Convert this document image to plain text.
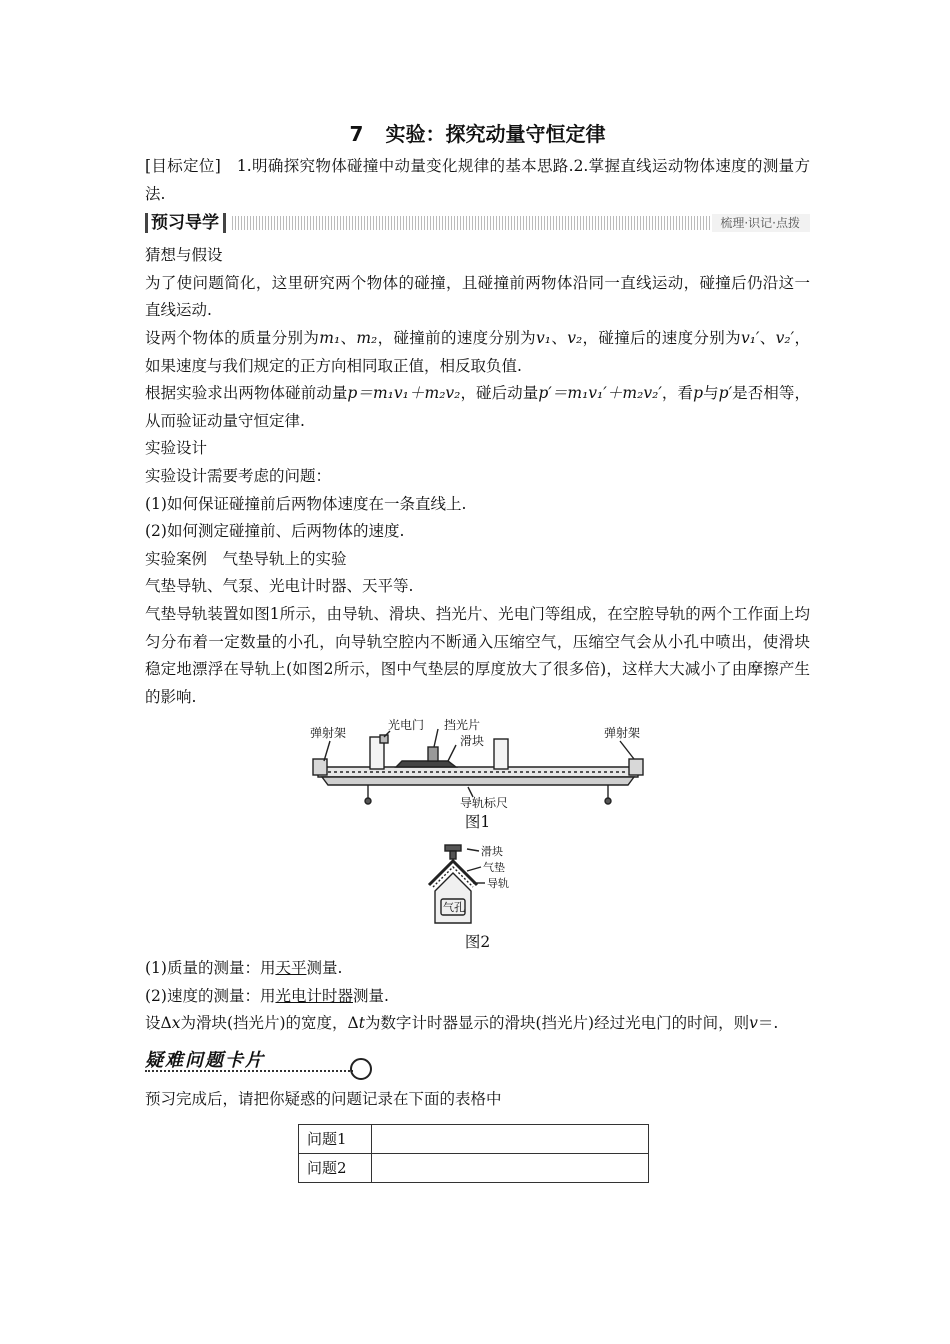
7 实验：探究动量守恒定律

[目标定位]　 1.明确探究物体碰撞中动量变化规律的基本思路.2.掌握直线运动物体速度的测量方法.

预习导学	梳理·识记·点拨

猜想与假设

为了使问题简化，这里研究两个物体的碰撞，且碰撞前两物体沿同一直线运动，碰撞后仍沿这一直线运动.

设两个物体的质量分别为m₁、m₂，碰撞前的速度分别为v₁、v₂，碰撞后的速度分别为v₁′、v₂′，如果速度与我们规定的正方向相同取正值，相反取负值.

根据实验求出两物体碰前动量p＝m₁v₁＋m₂v₂，碰后动量p′＝m₁v₁′＋m₂v₂′，看p与p′是否相等，从而验证动量守恒定律.

实验设计

实验设计需要考虑的问题：

(1)如何保证碰撞前后两物体速度在一条直线上.

(2)如何测定碰撞前、后两物体的速度.

实验案例　气垫导轨上的实验

气垫导轨、气泵、光电计时器、天平等.

气垫导轨装置如图1所示，由导轨、滑块、挡光片、光电门等组成，在空腔导轨的两个工作面上均匀分布着一定数量的小孔，向导轨空腔内不断通入压缩空气，压缩空气会从小孔中喷出，使滑块稳定地漂浮在导轨上(如图2所示，图中气垫层的厚度放大了很多倍)，这样大大减小了由摩擦产生的影响.

弹射架
光电门 挡光片
滑块
弹射架
导轨标尺
图1
滑块
气垫
导轨
气孔
图2

(1)质量的测量：用天平测量.

(2)速度的测量：用光电计时器测量.

设Δx为滑块(挡光片)的宽度，Δt为数字计时器显示的滑块(挡光片)经过光电门的时间，则v＝.

疑难问题卡片

预习完成后，请把你疑惑的问题记录在下面的表格中

问题1	
问题2	
